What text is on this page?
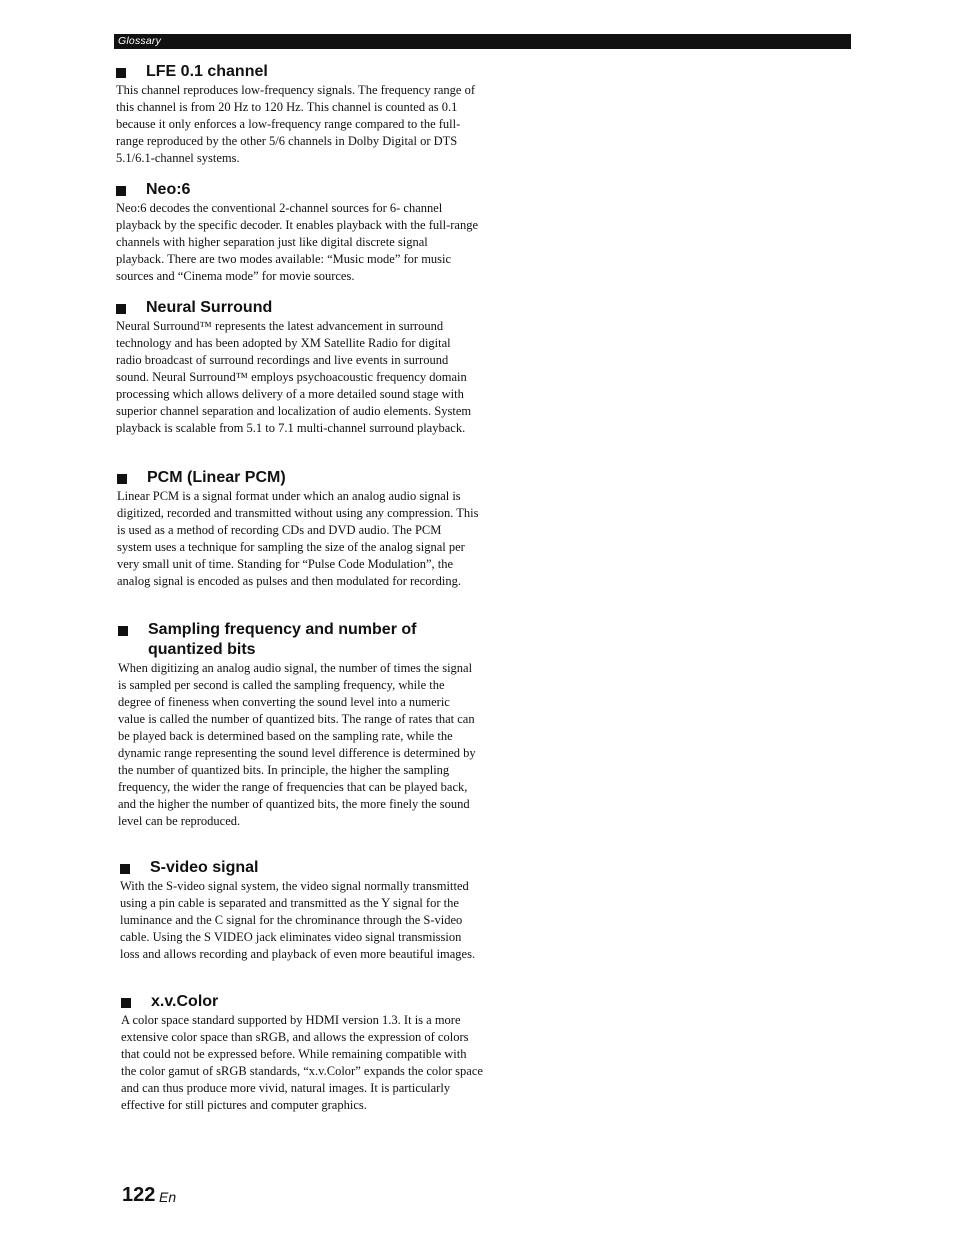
Glossary
LFE 0.1 channel

This channel reproduces low-frequency signals. The frequency range of this channel is from 20 Hz to 120 Hz. This channel is counted as 0.1 because it only enforces a low-frequency range compared to the full-range reproduced by the other 5/6 channels in Dolby Digital or DTS 5.1/6.1-channel systems.

Neo:6

Neo:6 decodes the conventional 2-channel sources for 6- channel playback by the specific decoder. It enables playback with the full-range channels with higher separation just like digital discrete signal playback. There are two modes available: “Music mode” for music sources and “Cinema mode” for movie sources.

Neural Surround

Neural Surround™ represents the latest advancement in surround technology and has been adopted by XM Satellite Radio for digital radio broadcast of surround recordings and live events in surround sound. Neural Surround™ employs psychoacoustic frequency domain processing which allows delivery of a more detailed sound stage with superior channel separation and localization of audio elements. System playback is scalable from 5.1 to 7.1 multi-channel surround playback.

PCM (Linear PCM)

Linear PCM is a signal format under which an analog audio signal is digitized, recorded and transmitted without using any compression. This is used as a method of recording CDs and DVD audio. The PCM system uses a technique for sampling the size of the analog signal per very small unit of time. Standing for “Pulse Code Modulation”, the analog signal is encoded as pulses and then modulated for recording.

Sampling frequency and number of quantized bits

When digitizing an analog audio signal, the number of times the signal is sampled per second is called the sampling frequency, while the degree of fineness when converting the sound level into a numeric value is called the number of quantized bits. The range of rates that can be played back is determined based on the sampling rate, while the dynamic range representing the sound level difference is determined by the number of quantized bits. In principle, the higher the sampling frequency, the wider the range of frequencies that can be played back, and the higher the number of quantized bits, the more finely the sound level can be reproduced.

S-video signal

With the S-video signal system, the video signal normally transmitted using a pin cable is separated and transmitted as the Y signal for the luminance and the C signal for the chrominance through the S-video cable. Using the S VIDEO jack eliminates video signal transmission loss and allows recording and playback of even more beautiful images.

x.v.Color

A color space standard supported by HDMI version 1.3. It is a more extensive color space than sRGB, and allows the expression of colors that could not be expressed before. While remaining compatible with the color gamut of sRGB standards, “x.v.Color” expands the color space and can thus produce more vivid, natural images. It is particularly effective for still pictures and computer graphics.

122 En
